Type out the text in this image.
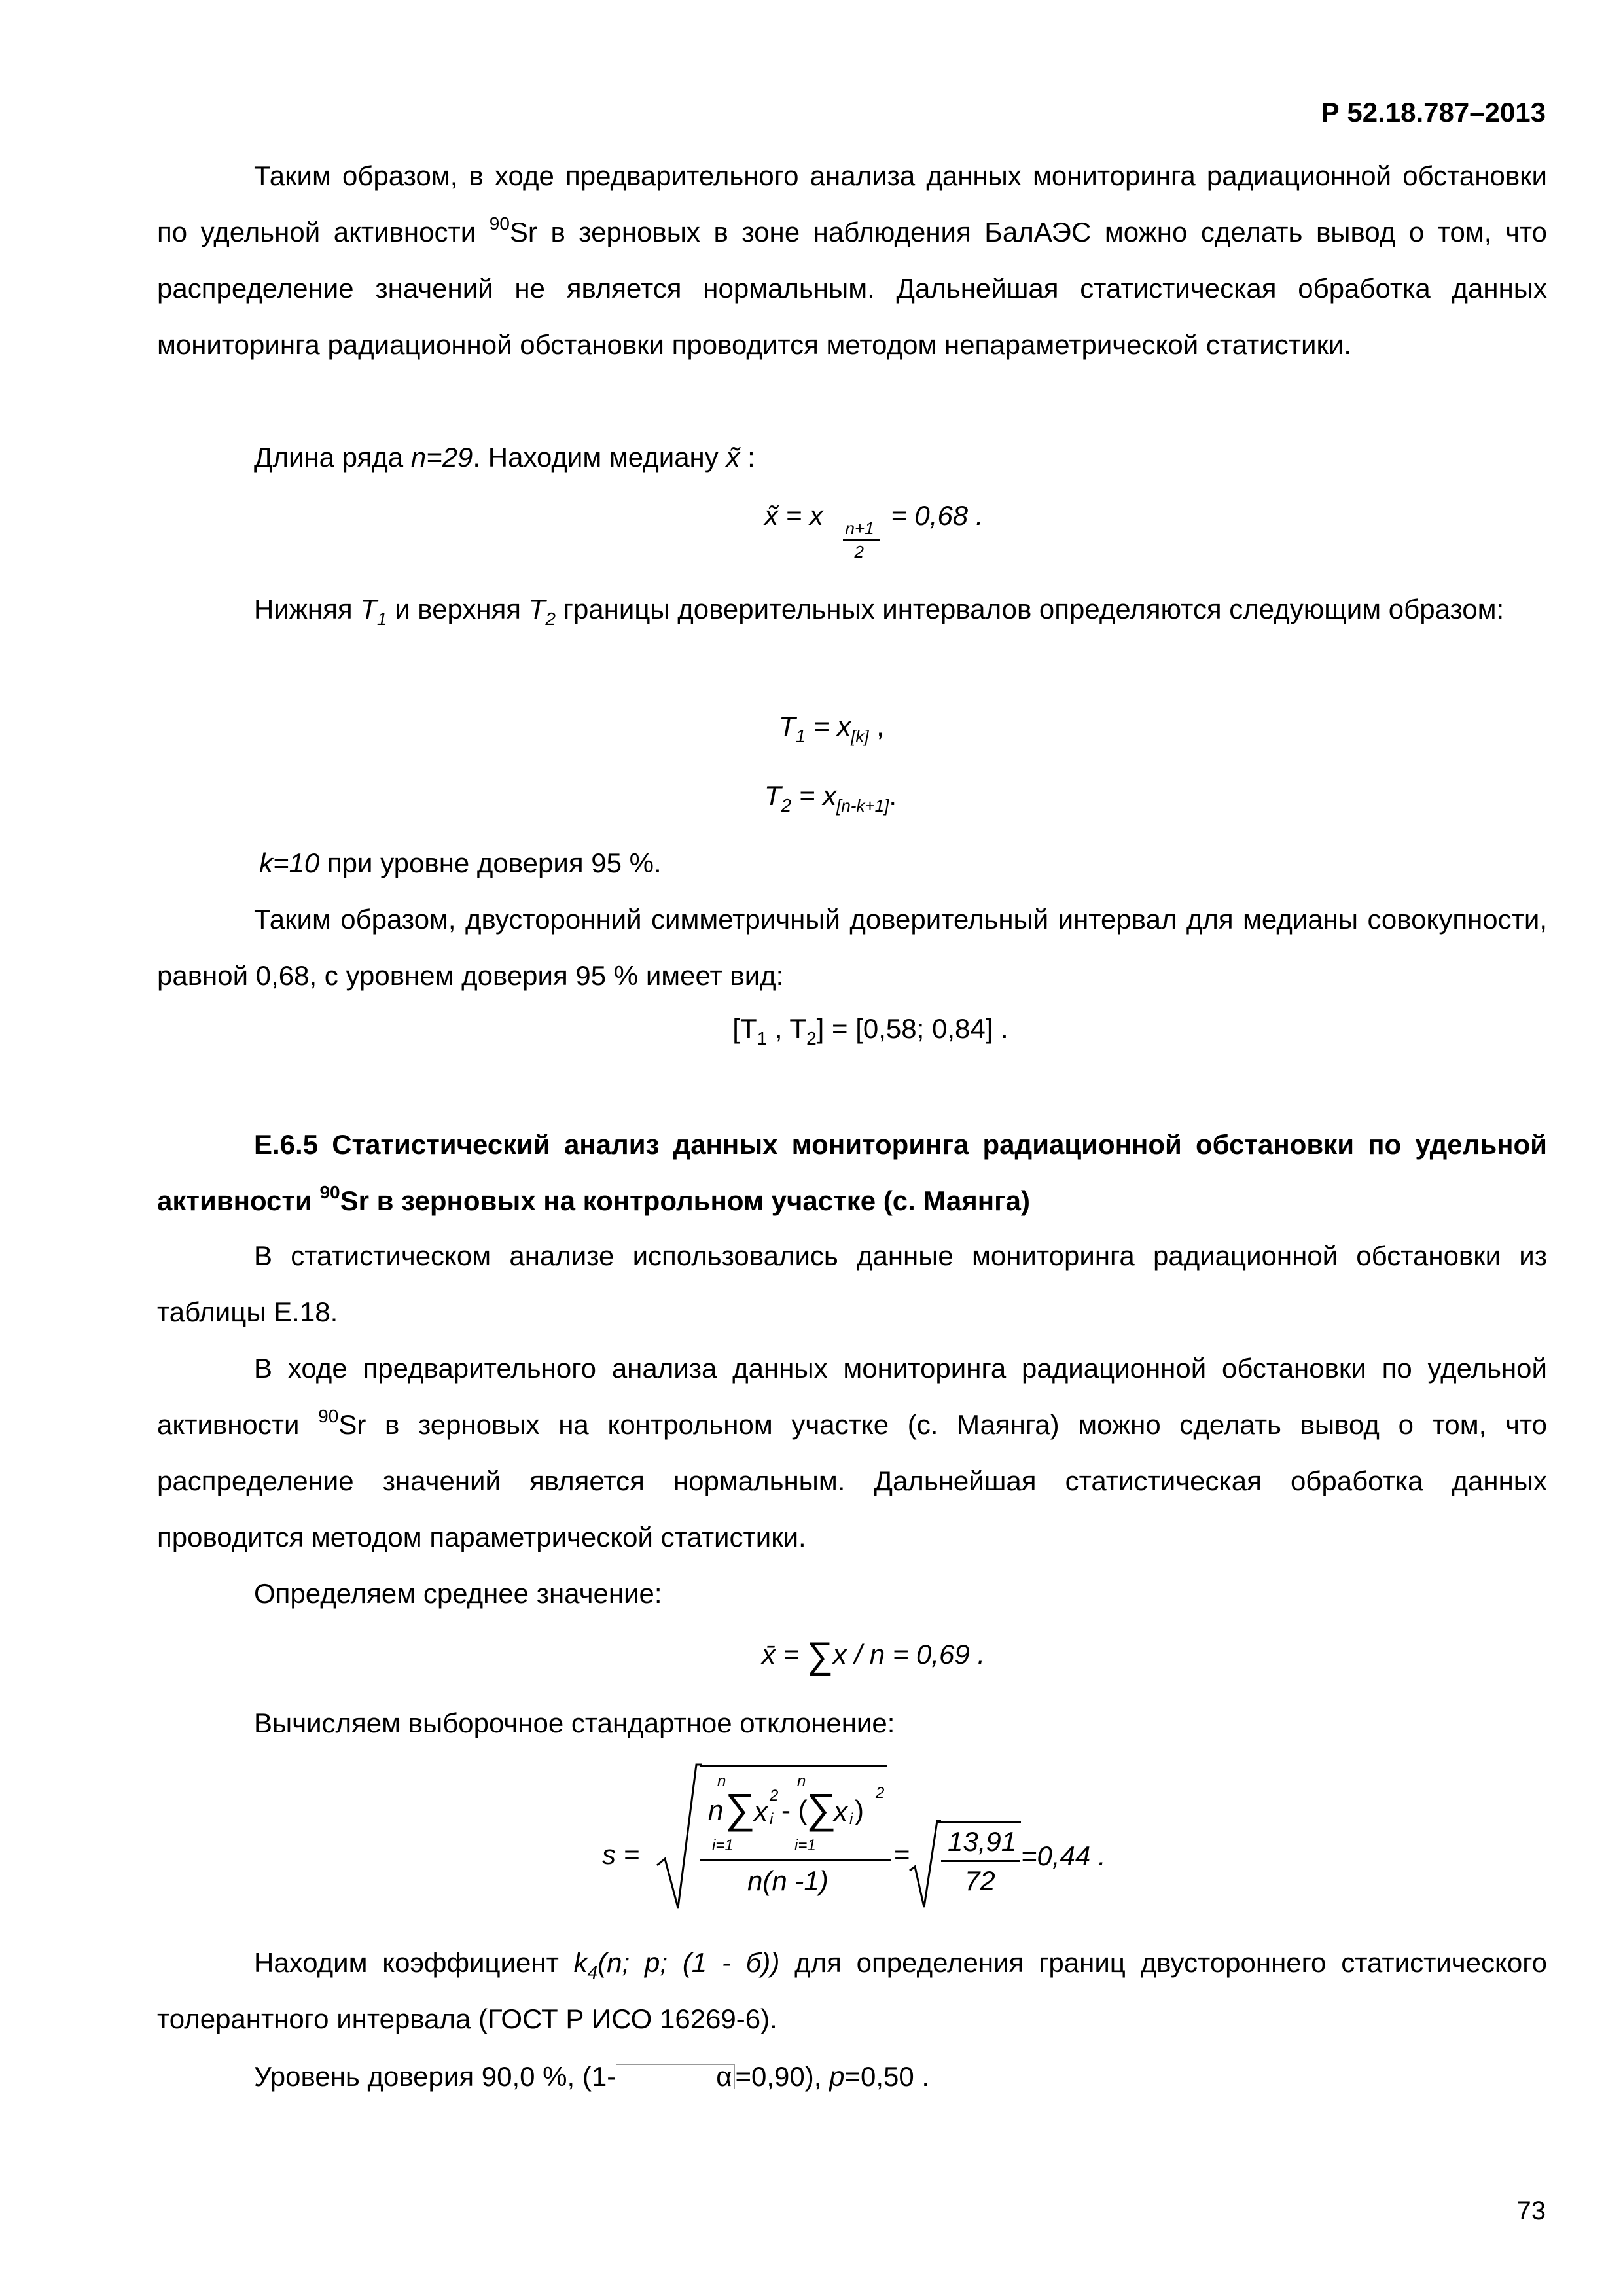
Р 52.18.787–2013

Таким образом, в ходе предварительного анализа данных мониторинга радиационной обстановки по удельной активности $^{90}$Sr в зерновых в зоне наблюдения БалАЭС можно сделать вывод о том, что распределение значений не является нормальным. Дальнейшая статистическая обработка данных мониторинга радиационной обстановки проводится методом непараметрической статистики.

Длина ряда n=29. Находим медиану x̃ :

x̃ = x $\frac{n+1}{2} = 0,68$ .

Нижняя $T_1$ и верхняя $T_2$ границы доверительных интервалов определяются следующим образом:

$T_1 = x_{[k]}$ ,
$T_2 = x_{[n-k+1]}$.

k=10 при уровне доверия 95 %.

Таким образом, двусторонний симметричный доверительный интервал для медианы совокупности, равной 0,68, с уровнем доверия 95 % имеет вид:

[$T_1$ , $T_2] = [0,58$; 0,84] .

Е.6.5 Статистический анализ данных мониторинга радиационной обстановки по удельной активности $^{90}$Sr в зерновых на контрольном участке (с. Маянга)

В статистическом анализе использовались данные мониторинга радиационной обстановки из таблицы Е.18.

В ходе предварительного анализа данных мониторинга радиационной обстановки по удельной активности $^{90}$Sr в зерновых на контрольном участке (с. Маянга) можно сделать вывод о том, что распределение значений является нормальным. Дальнейшая статистическая обработка данных проводится методом параметрической статистики.

Определяем среднее значение:

x̄ = ∑x / n = 0,69 .

Вычисляем выборочное стандартное отклонение:

s =
n
n
∑
i=1
x
2
i - (
n
∑
i=1
x i )
2
n(n -1)
= 13,91
72
=0,44 .

Находим коэффициент $k_4(n$; p; (1 - б)) для определения границ двустороннего статистического толерантного интервала (ГОСТ Р ИСО 16269-6).

Уровень доверия 90,0 %, (1-	α =0,90), p=0,50 .

73
